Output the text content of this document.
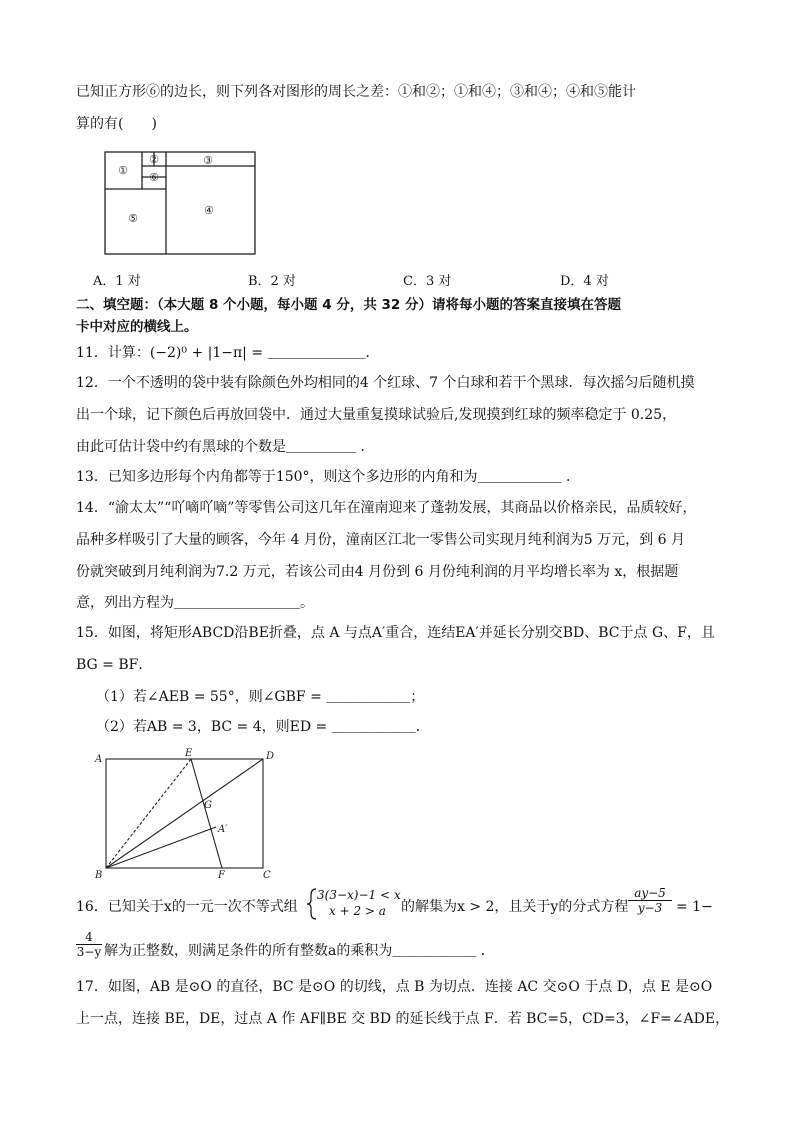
已知正方形⑥的边长，则下列各对图形的周长之差：①和②；①和④；③和④；④和⑤能计
算的有(　　)
①
②
⑥
③
⑤
④
A．1 对	B．2 对	C．3 对	D．4 对
二、填空题：（本大题 8 个小题，每小题 4 分，共 32 分）请将每小题的答案直接填在答题
卡中对应的横线上。
11．计算：(−2)⁰ + |1−π| = ＿＿＿＿＿＿＿．
12．一个不透明的袋中装有除颜色外均相同的4 个红球、7 个白球和若干个黑球．每次摇匀后随机摸
出一个球，记下颜色后再放回袋中．通过大量重复摸球试验后,发现摸到红球的频率稳定于 0.25，
由此可估计袋中约有黑球的个数是＿＿＿＿＿ ．
13．已知多边形每个内角都等于150°，则这个多边形的内角和为＿＿＿＿＿＿ ．
14．“渝太太”“吖嘀吖嘀”等零售公司这几年在潼南迎来了蓬勃发展，其商品以价格亲民，品质较好，
品种多样吸引了大量的顾客，今年 4 月份，潼南区江北一零售公司实现月纯利润为5 万元，到 6 月
份就突破到月纯利润为7.2 万元，若该公司由4 月份到 6 月份纯利润的月平均增长率为 x，根据题
意，列出方程为＿＿＿＿＿＿＿＿＿。
15．如图，将矩形ABCD沿BE折叠，点 A 与点A′重合，连结EA′并延长分别交BD、BC于点 G、F，且
BG = BF．
（1）若∠AEB = 55°，则∠GBF = ＿＿＿＿＿＿；
（2）若AB = 3，BC = 4，则ED = ＿＿＿＿＿＿．
A
E	D
G
A′
B	F	C
16．已知关于x的一元一次不等式组
3(3−x)−1 < x
x + 2 > a 的解集为x > 2，且关于y的分式方程 $\frac{ay-5}{y-3} = 1-$
$\frac{4}{3-y}$ 解为正整数，则满足条件的所有整数a的乘积为＿＿＿＿＿＿ ．
17．如图，AB 是⊙O 的直径，BC 是⊙O 的切线，点 B 为切点．连接 AC 交⊙O 于点 D，点 E 是⊙O
上一点，连接 BE，DE，过点 A 作 AF∥BE 交 BD 的延长线于点 F．若 BC=5，CD=3，∠F=∠ADE，
